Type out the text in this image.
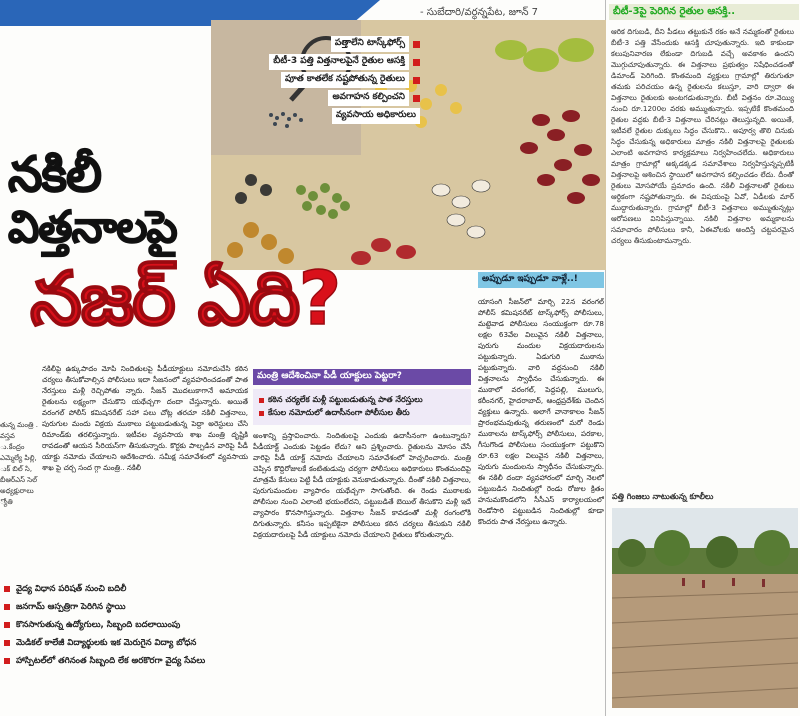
- సుబేదారి/వర్ధన్నపేట, జూన్ 7	బీటీ-3పై పెరిగిన రైతుల ఆసక్తి..
ఆరిక దిగుబడి, దీని పీడలు తట్టుకునే రకం అనే నమ్మకంతో రైతులు బీటీ-3 పత్తి వేసేందుకు ఆసక్తి చూపుతున్నారు. ఇది కాకుండా కలుపునివారణ లేకుండా దిగుబడి వచ్చే అవకాశం ఉందని మొగ్గుచూపుతున్నారు. ఈ విత్తనాలు ప్రభుత్వం నిషేధించడంతో డిమాండ్ పెరిగింది. కొంతమంది వ్యక్తులు గ్రామాల్లో తిరుగుతూ తమకు పరిచయం ఉన్న రైతులను కలుస్తూ, వారి ద్వారా ఈ విత్తనాలు రైతులకు అంటగడుతున్నారు. బీటీ విత్తనం రూ.వెయ్యి నుంచి రూ.1200ల వరకు అమ్ముతున్నారు. ఇప్పటికే కొంతమంది రైతుల వద్దకు బీటీ-3 విత్తనాలు చేరినట్లు తెలుస్తున్నది. అయితే, ఇటీవలే రైతుల దుక్కులు సిద్ధం చేసుకొని.. అపూర్వ తొలి చినుకు సిద్ధం చేసుకున్న అధికారులు మాత్రం నకిలీ విత్తనాలపై రైతులకు ఎలాంటి అవగాహన కార్యక్రమాలు నిర్వహించలేదు. అధికారులు మాత్రం గ్రామాల్లో అక్కడక్కడ సమావేశాలు నిర్వహిస్తున్నప్పటికీ విత్తనాలపై ఆశించిన స్థాయిలో అవగాహన కల్పించడం లేదు. దీంతో రైతులు మోసపోయే ప్రమాదం ఉంది. నకిలీ విత్తనాలతో రైతులు ఆర్థికంగా నష్టపోతున్నారు. ఈ విషయంపై ఏవో, ఏడీలకు మార్ ముద్దారుతున్నారు. గ్రామాల్లో బీటీ-3 విత్తనాలు అమ్ముతున్నట్లు ఆరోపణలు వినిపిస్తున్నాయి. నకిలీ విత్తనాల అమ్మకాలను సమాచారం పోలీసులు కానీ, ఏఈవోలకు అందిస్తే చట్టపరమైన చర్యలు తీసుకుంటామన్నారు.
పత్తాలేని టాస్క్‌ఫోర్స్
బీటీ-3 పత్తి విత్తనాలపైనే రైతుల ఆసక్తి
పూత కాతలేక నష్టపోతున్న రైతులు
అవగాహన కల్పించని
వ్యవసాయ అధికారులు
నకిలీ
విత్తనాలపై
నజర్ ఏది?
తున్న మంత్రి . వస్తవ ు.కేంద్రం ఎమ్మెల్యే పిల్లి, ుక్ బిల్ సి, బీఆర్ఎస్ సెల్ అధ్యక్షురాలు ్యోతి
నకిలీపై ఉక్కుపాదం మోపి నిందితులపై పీడీయాక్టులు నమోదుచేసి కఠిన చర్యలు తీసుకోవాల్సిన పోలీసులు ఇదా సీజనంలో వ్యవహరించడంతో పాత నేరస్తులు మళ్లీ రెచ్చిపోతు న్నారు. సీజన్ మొదలుకాగానే అమాయక రైతులను లక్ష్యంగా చేసుకొని యథేచ్చగా దందా చేస్తున్నారు. అయితే వరంగల్ పోలీస్ కమిషనరేట్ సహా పలు చోట్ల తరచూ నకిలీ విత్తనాలు, పురుగుల మందు విక్రయ ముఠాలు పట్టుబడుతున్న పెద్దా అరెస్టులు చేసి రిమాండ్‌కు తరలిస్తున్నారు. ఇటీవల వ్యవసాయ శాఖ మంత్రి దృష్టికి రావడంతో ఆయన సీరియస్‌గా తీసుకున్నారు. కొర్టకు పాల్పడిన వారిపై పీడీ యాక్టు నమోదు చేయాలని ఆదేశించారు. సమీక్ష సమావేశంలో వ్యవసాయ శాఖ పై చర్చ సంద గ్గా మంత్రి.. నకిలీ
వైద్య విధాన పరిషత్ నుంచి బదిలీ
జనగామ్ ఆస్పత్రిగా పెరిగిన స్థాయి
కొనసాగుతున్న ఉద్యోగులు, సిబ్బంది బదలాయింపు
మెడికల్ కాలేజీ విద్యార్థులకు ఇక మెరుగైన విద్యా బోధన
హాస్పిటల్‌లో తగినంత సిబ్బంది లేక అరకొరగా వైద్య సేవలు
మంత్రి ఆదేశించినా పీడీ యాక్టులు పెట్టరా?
కఠిన చర్యలేక మళ్లీ పట్టుబడుతున్న పాత నేరస్తులు
కేసుల నమోదులో ఉదాసీనంగా పోలీసుల తీరు
అంశాన్ని ప్రస్తావించారు. నిందితులపై ఎందుకు ఉదాసీనంగా ఉంటున్నారు? పీడీయాక్ట్ ఎందుకు పెట్టడం లేదు? అని ప్రశ్నించారు. రైతులను మోసం చేసే వారిపై పీడీ యాక్ట్ నమోదు చేయాలని సమావేశంలో హెచ్చరించారు. మంత్రి చెప్పిన కొద్దిరోజులకే కంటితుడుపు చర్యగా పోలీసులు అధికారులు కొంతమందిపై మాత్రమే కేసులు పెట్టి పీడీ యాక్టుకు వెనుకాడుతున్నారు. దీంతో నకిలీ విత్తనాలు, పురుగుమందుల వ్యాపారం యథేచ్చగా సాగుతోంది. ఈ రెండు ముఠాలకు పోలీసుల నుంచి ఎలాంటి భయంలేదని, పట్టుబడితే బెయిల్ తీసుకొని మళ్లీ ఇదే వ్యాపారం కొనసాగిస్తున్నారు. విత్తనాల సీజన్ కావడంతో మళ్లీ రంగంలోకి దిగుతున్నారు. కనీసం ఇప్పటికైనా పోలీసులు కఠిన చర్యలు తీసుకుని నకిలీ విక్రయదారులపై పీడీ యాక్టులు నమోదు చేయాలని రైతులు కోరుతున్నారు.
అప్పుడూ ఇప్పుడూ వాళ్లే..!
యాసంగి సీజన్‌లో మార్చి 22న వరంగల్ పోలీస్ కమిషనరేట్ టాస్క్‌ఫోర్స్ పోలీసులు, మట్టెవాడ పోలీసులు సంయుక్తంగా రూ.78 లక్షల 63వేల విలువైన నకిలీ విత్తనాలు, పురుగు మందుల విక్రయదారులను పట్టుకున్నారు. ఏడుగురి ముఠాను పట్టుకున్నారు. వారి వద్దనుంచి నకిలీ విత్తనాలను స్వాధీనం చేసుకున్నారు. ఈ ముఠాలో వరంగల్, పెద్దపల్లి, ములుగు, కరీంనగర్, హైదరాబాద్, ఆంధ్రప్రదేశ్‌కు చెందిన వ్యక్తులు ఉన్నారు. అలాగే వానాకాలం సీజన్ ప్రారంభమవుతున్న తరుణంలో మరో రెండు ముఠాలను టాస్క్‌ఫోర్స్ పోలీసులు, పరకాల, గీసుగొండ పోలీసులు సంయుక్తంగా పట్టుకొని రూ.63 లక్షల విలువైన నకిలీ విత్తనాలు, పురుగు మందులను స్వాధీనం చేసుకున్నారు. ఈ నకిలీ దందా వ్యవహారంలో మార్చి నెలలో పట్టుబడిన నిందితుల్లో రెండు రోజుల క్రితం హనుమకొండలోని సీసీఎస్ కార్యాలయంలో రెండోసారి పట్టుబడిన నిందితుల్లో కూడా కొందరు పాత నేరస్తులు ఉన్నారు.
పత్తి గింజలు నాటుతున్న కూలీలు
